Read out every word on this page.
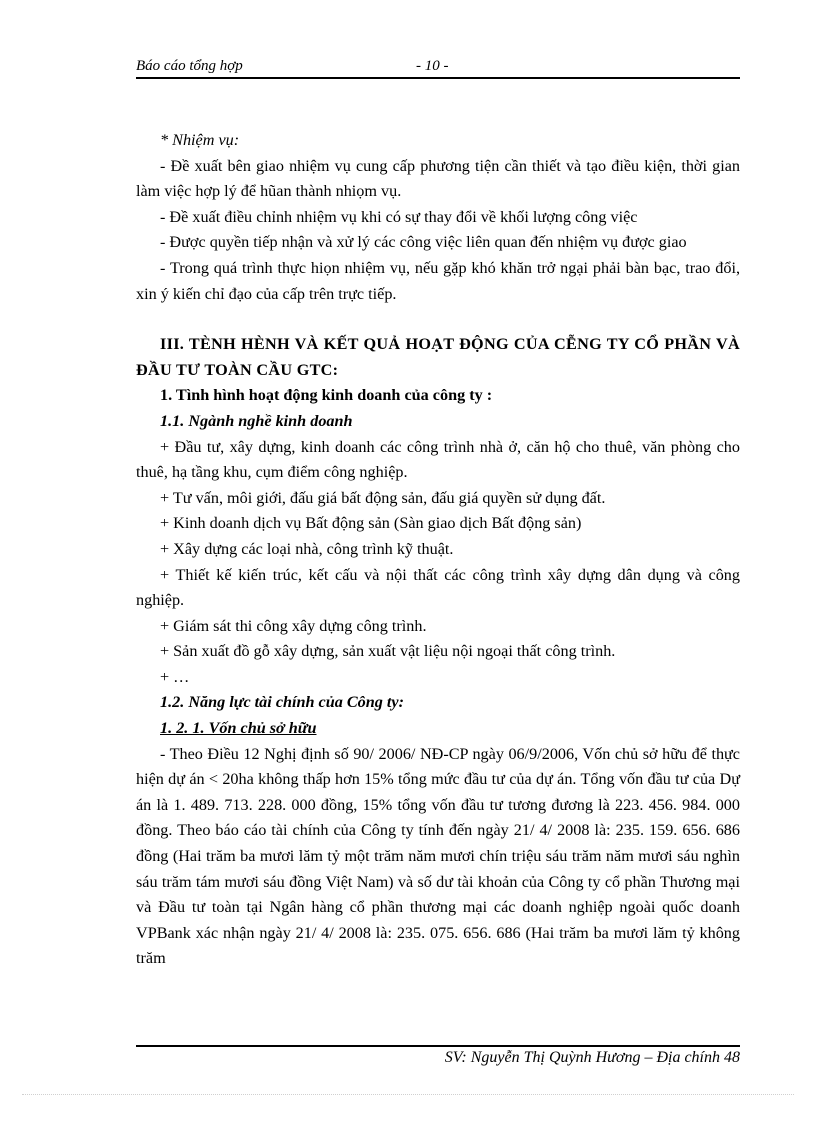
Báo cáo tổng hợp	- 10 -

* Nhiệm vụ:

- Đề xuất bên giao nhiệm vụ cung cấp phương tiện cần thiết và tạo điều kiện, thời gian làm việc hợp lý để hũan thành nhiọm vụ.

- Đề xuất điều chỉnh nhiệm vụ khi có sự thay đổi về khối lượng công việc

- Được quyền tiếp nhận và xử lý các công việc liên quan đến nhiệm vụ được giao

- Trong quá trình thực hiọn nhiệm vụ, nếu gặp khó khăn trở ngại phải bàn bạc, trao đổi, xin ý kiến chỉ đạo của cấp trên trực tiếp.

III. TÈNH HÈNH VÀ KẾT QUẢ HOẠT ĐỘNG CỦA CỄNG TY CỔ PHẦN VÀ ĐẦU TƯ TOÀN CẦU GTC:

1. Tình hình hoạt động kinh doanh của công ty :

1.1. Ngành nghề kinh doanh

+ Đầu tư, xây dựng, kinh doanh các công trình nhà ở, căn hộ cho thuê, văn phòng cho thuê, hạ tầng khu, cụm điểm công nghiệp.

+ Tư vấn, môi giới, đấu giá bất động sản, đấu giá quyền sử dụng đất.

+ Kinh doanh dịch vụ Bất động sản (Sàn giao dịch Bất động sản)

+ Xây dựng các loại nhà, công trình kỹ thuật.

+ Thiết kế kiến trúc, kết cấu và nội thất các công trình xây dựng dân dụng và công nghiệp.

+ Giám sát thi công xây dựng công trình.

+ Sản xuất đồ gỗ xây dựng, sản xuất vật liệu nội ngoại thất công trình.

+ …

1.2. Năng lực tài chính của Công ty:

1. 2. 1. Vốn chủ sở hữu

- Theo Điều 12 Nghị định số 90/ 2006/ NĐ-CP ngày 06/9/2006, Vốn chủ sở hữu để thực hiện dự án < 20ha không thấp hơn 15% tổng mức đầu tư của dự án. Tổng vốn đầu tư của Dự án là 1. 489. 713. 228. 000 đồng, 15% tổng vốn đầu tư tương đương là 223. 456. 984. 000 đồng. Theo báo cáo tài chính của Công ty tính đến ngày 21/ 4/ 2008 là: 235. 159. 656. 686 đồng (Hai trăm ba mươi lăm tỷ một trăm năm mươi chín triệu sáu trăm năm mươi sáu nghìn sáu trăm tám mươi sáu đồng Việt Nam) và số dư tài khoản của Công ty cổ phần Thương mại và Đầu tư toàn tại Ngân hàng cổ phần thương mại các doanh nghiệp ngoài quốc doanh VPBank xác nhận ngày 21/ 4/ 2008 là: 235. 075. 656. 686 (Hai trăm ba mươi lăm tỷ không trăm

SV: Nguyễn Thị Quỳnh Hương – Địa chính 48
